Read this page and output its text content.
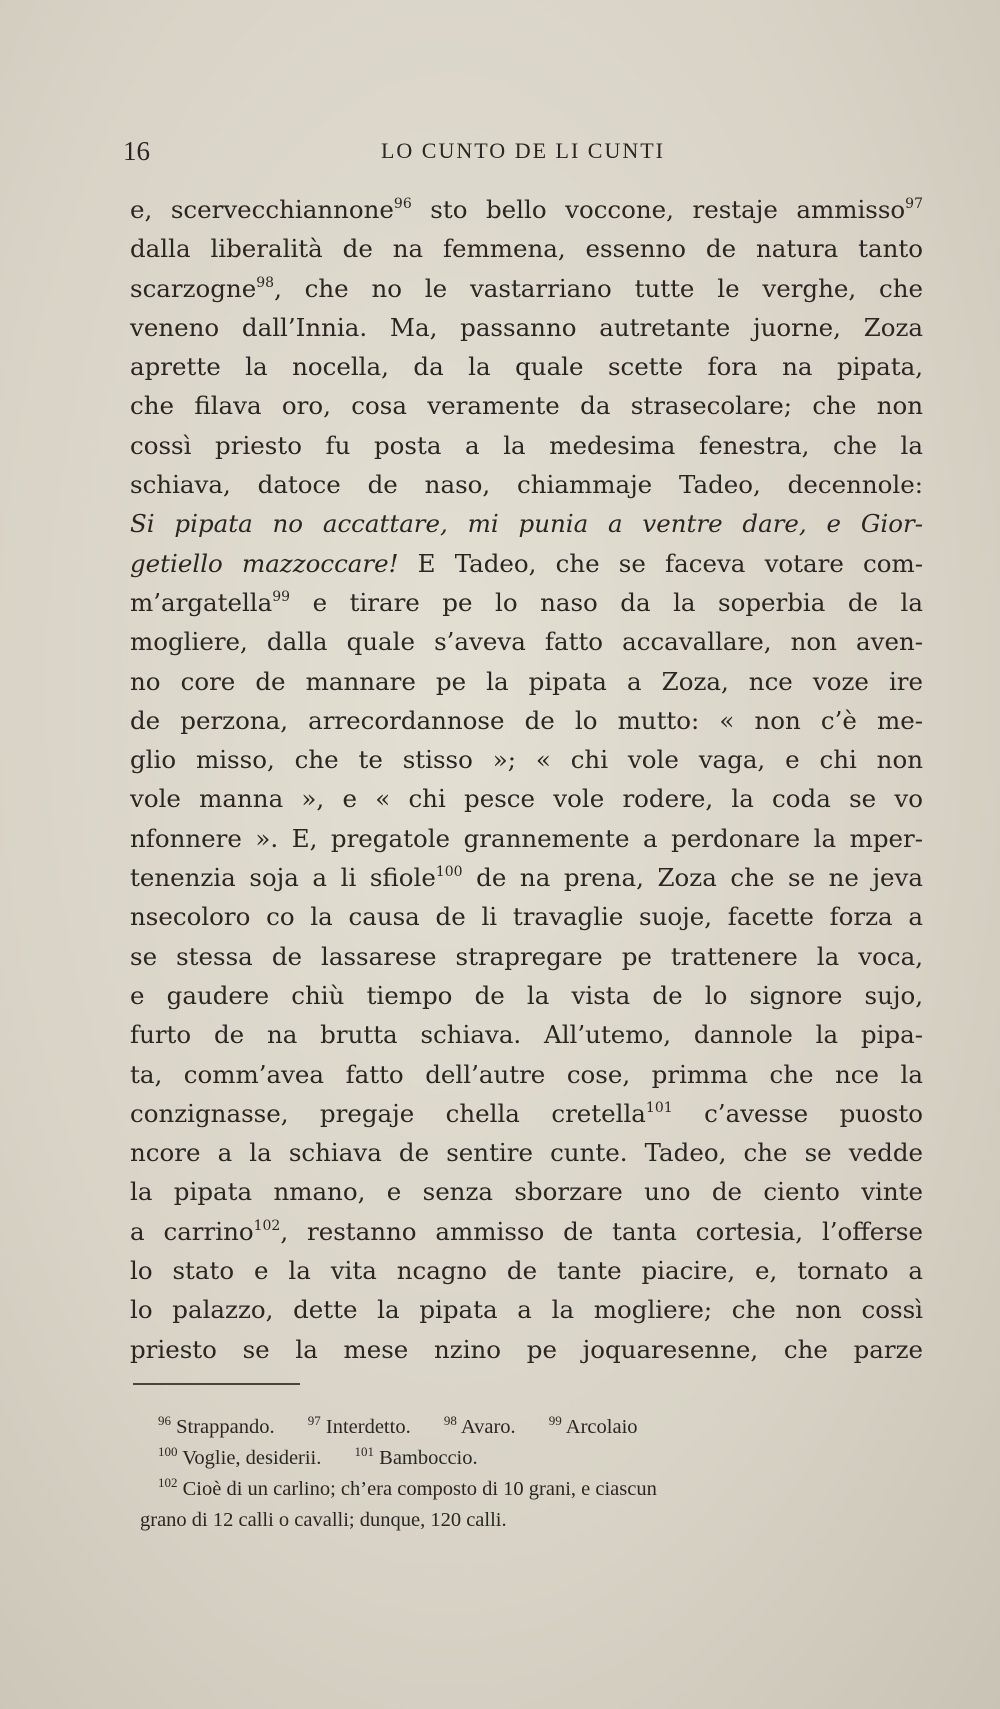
16	LO CUNTO DE LI CUNTI
e, scervecchiannone$^{96}$ sto bello voccone, restaje ammisso$^{97}$
dalla liberalità de na femmena, essenno de natura tanto
scarzogne$^{98}$, che no le vastarriano tutte le verghe, che
veneno dall’Innia. Ma, passanno autretante juorne, Zoza
aprette la nocella, da la quale scette fora na pipata,
che filava oro, cosa veramente da strasecolare; che non
cossì priesto fu posta a la medesima fenestra, che la
schiava, datoce de naso, chiammaje Tadeo, decennole:
Si pipata no accattare, mi punia a ventre dare, e Gior-
getiello mazzoccare! E Tadeo, che se faceva votare com-
m’argatella$^{99}$ e tirare pe lo naso da la soperbia de la
mogliere, dalla quale s’aveva fatto accavallare, non aven-
no core de mannare pe la pipata a Zoza, nce voze ire
de perzona, arrecordannose de lo mutto: « non c’è me-
glio misso, che te stisso »; « chi vole vaga, e chi non
vole manna », e « chi pesce vole rodere, la coda se vo
nfonnere ». E, pregatole grannemente a perdonare la mper-
tenenzia soja a li sfiole$^{100}$ de na prena, Zoza che se ne jeva
nsecoloro co la causa de li travaglie suoje, facette forza a
se stessa de lassarese strapregare pe trattenere la voca,
e gaudere chiù tiempo de la vista de lo signore sujo,
furto de na brutta schiava. All’utemo, dannole la pipa-
ta, comm’avea fatto dell’autre cose, primma che nce la
conzignasse, pregaje chella cretella$^{101}$ c’avesse puosto
ncore a la schiava de sentire cunte. Tadeo, che se vedde
la pipata nmano, e senza sborzare uno de ciento vinte
a carrino$^{102}$, restanno ammisso de tanta cortesia, l’offerse
lo stato e la vita ncagno de tante piacire, e, tornato a
lo palazzo, dette la pipata a la mogliere; che non cossì
priesto se la mese nzino pe joquaresenne, che parze
$^{96}$ Strappando.	$^{97}$ Interdetto.	$^{98}$ Avaro.	$^{99}$ Arcolaio
$^{100}$ Voglie, desiderii.	$^{101}$ Bamboccio.
$^{102}$ Cioè di un carlino; ch’era composto di 10 grani, e ciascun
grano di 12 calli o cavalli; dunque, 120 calli.
